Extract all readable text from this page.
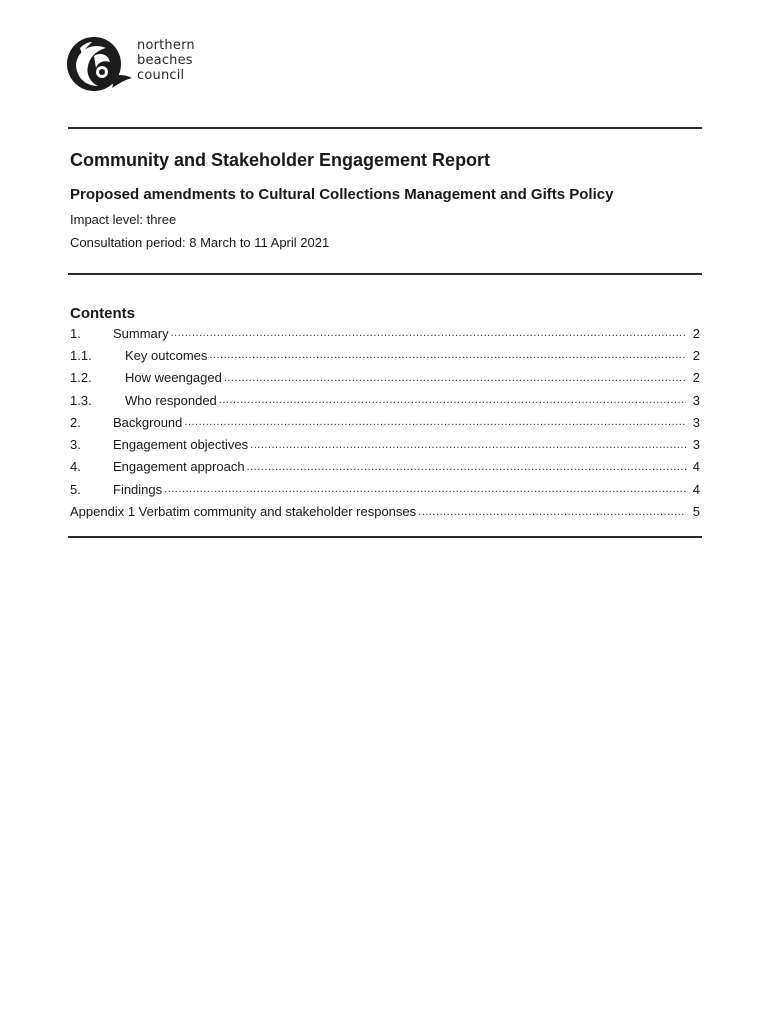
northern
beaches
council
Community and Stakeholder Engagement Report
Proposed amendments to Cultural Collections Management and Gifts Policy
Impact level: three
Consultation period: 8 March to 11 April 2021
Contents
1.	Summary .....	2
1.1.	Key outcomes .....	2
1.2.	How weengaged .....	2
1.3.	Who responded .....	3
2.	Background .....	3
3.	Engagement objectives .....	3
4.	Engagement approach .....	4
5.	Findings .....	4
Appendix 1 Verbatim community and stakeholder responses .....	5
